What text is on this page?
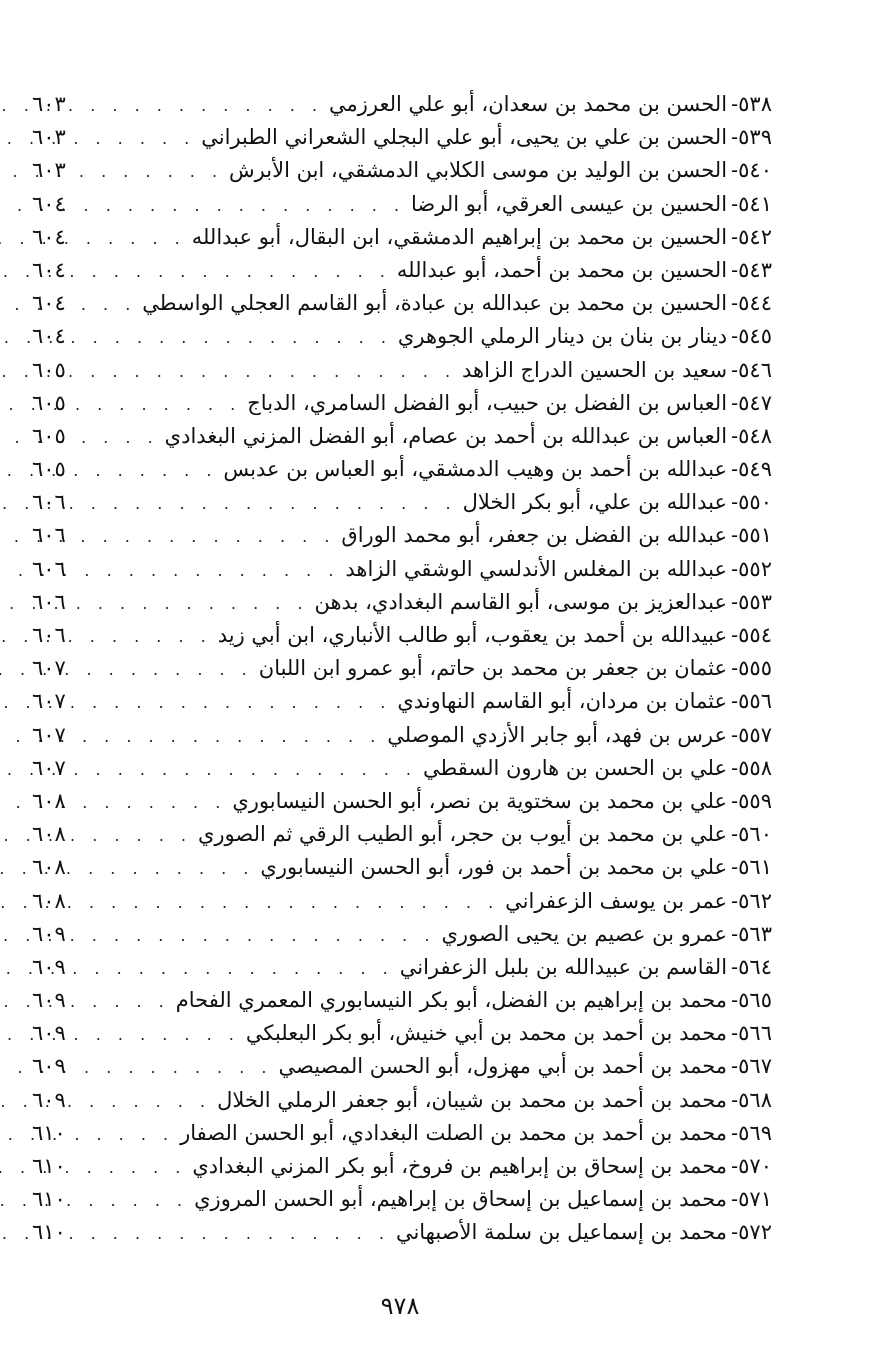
٥٣٨-
الحسن بن محمد بن سعدان، أبو علي العرزمي
. . .
٦٠٣
٥٣٩-
الحسن بن علي بن يحيى، أبو علي البجلي الشعراني الطبراني
. . .
٦٠٣
٥٤٠-
الحسن بن الوليد بن موسى الكلابي الدمشقي، ابن الأبرش
. . .
٦٠٣
٥٤١-
الحسين بن عيسى العرقي، أبو الرضا
. . .
٦٠٤
٥٤٢-
الحسين بن محمد بن إبراهيم الدمشقي، ابن البقال، أبو عبدالله
. . .
٦٠٤
٥٤٣-
الحسين بن محمد بن أحمد، أبو عبدالله
. . .
٦٠٤
٥٤٤-
الحسين بن محمد بن عبدالله بن عبادة، أبو القاسم العجلي الواسطي
. . .
٦٠٤
٥٤٥-
دينار بن بنان بن دينار الرملي الجوهري
. . .
٦٠٤
٥٤٦-
سعيد بن الحسين الدراج الزاهد
. . .
٦٠٥
٥٤٧-
العباس بن الفضل بن حبيب، أبو الفضل السامري، الدباج
. . .
٦٠٥
٥٤٨-
العباس بن عبدالله بن أحمد بن عصام، أبو الفضل المزني البغدادي
. . .
٦٠٥
٥٤٩-
عبدالله بن أحمد بن وهيب الدمشقي، أبو العباس بن عدبس
. . .
٦٠٥
٥٥٠-
عبدالله بن علي، أبو بكر الخلال
. . .
٦٠٦
٥٥١-
عبدالله بن الفضل بن جعفر، أبو محمد الوراق
. . .
٦٠٦
٥٥٢-
عبدالله بن المغلس الأندلسي الوشقي الزاهد
. . .
٦٠٦
٥٥٣-
عبدالعزيز بن موسى، أبو القاسم البغدادي، بدهن
. . .
٦٠٦
٥٥٤-
عبيدالله بن أحمد بن يعقوب، أبو طالب الأنباري، ابن أبي زيد
. . .
٦٠٦
٥٥٥-
عثمان بن جعفر بن محمد بن حاتم، أبو عمرو ابن اللبان
. . .
٦٠٧
٥٥٦-
عثمان بن مردان، أبو القاسم النهاوندي
. . .
٦٠٧
٥٥٧-
عرس بن فهد، أبو جابر الأزدي الموصلي
. . .
٦٠٧
٥٥٨-
علي بن الحسن بن هارون السقطي
. . .
٦٠٧
٥٥٩-
علي بن محمد بن سختوية بن نصر، أبو الحسن النيسابوري
. . .
٦٠٨
٥٦٠-
علي بن محمد بن أيوب بن حجر، أبو الطيب الرقي ثم الصوري
. . .
٦٠٨
٥٦١-
علي بن محمد بن أحمد بن فور، أبو الحسن النيسابوري
. . .
٦٠٨
٥٦٢-
عمر بن يوسف الزعفراني
. . .
٦٠٨
٥٦٣-
عمرو بن عصيم بن يحيى الصوري
. . .
٦٠٩
٥٦٤-
القاسم بن عبيدالله بن بلبل الزعفراني
. . .
٦٠٩
٥٦٥-
محمد بن إبراهيم بن الفضل، أبو بكر النيسابوري المعمري الفحام
. . .
٦٠٩
٥٦٦-
محمد بن أحمد بن محمد بن أبي خنيش، أبو بكر البعلبكي
. . .
٦٠٩
٥٦٧-
محمد بن أحمد بن أبي مهزول، أبو الحسن المصيصي
. . .
٦٠٩
٥٦٨-
محمد بن أحمد بن محمد بن شيبان، أبو جعفر الرملي الخلال
. . .
٦٠٩
٥٦٩-
محمد بن أحمد بن محمد بن الصلت البغدادي، أبو الحسن الصفار
. . .
٦١٠
٥٧٠-
محمد بن إسحاق بن إبراهيم بن فروخ، أبو بكر المزني البغدادي
. . .
٦١٠
٥٧١-
محمد بن إسماعيل بن إسحاق بن إبراهيم، أبو الحسن المروزي
. . .
٦١٠
٥٧٢-
محمد بن إسماعيل بن سلمة الأصبهاني
. . .
٦١٠
٩٧٨
